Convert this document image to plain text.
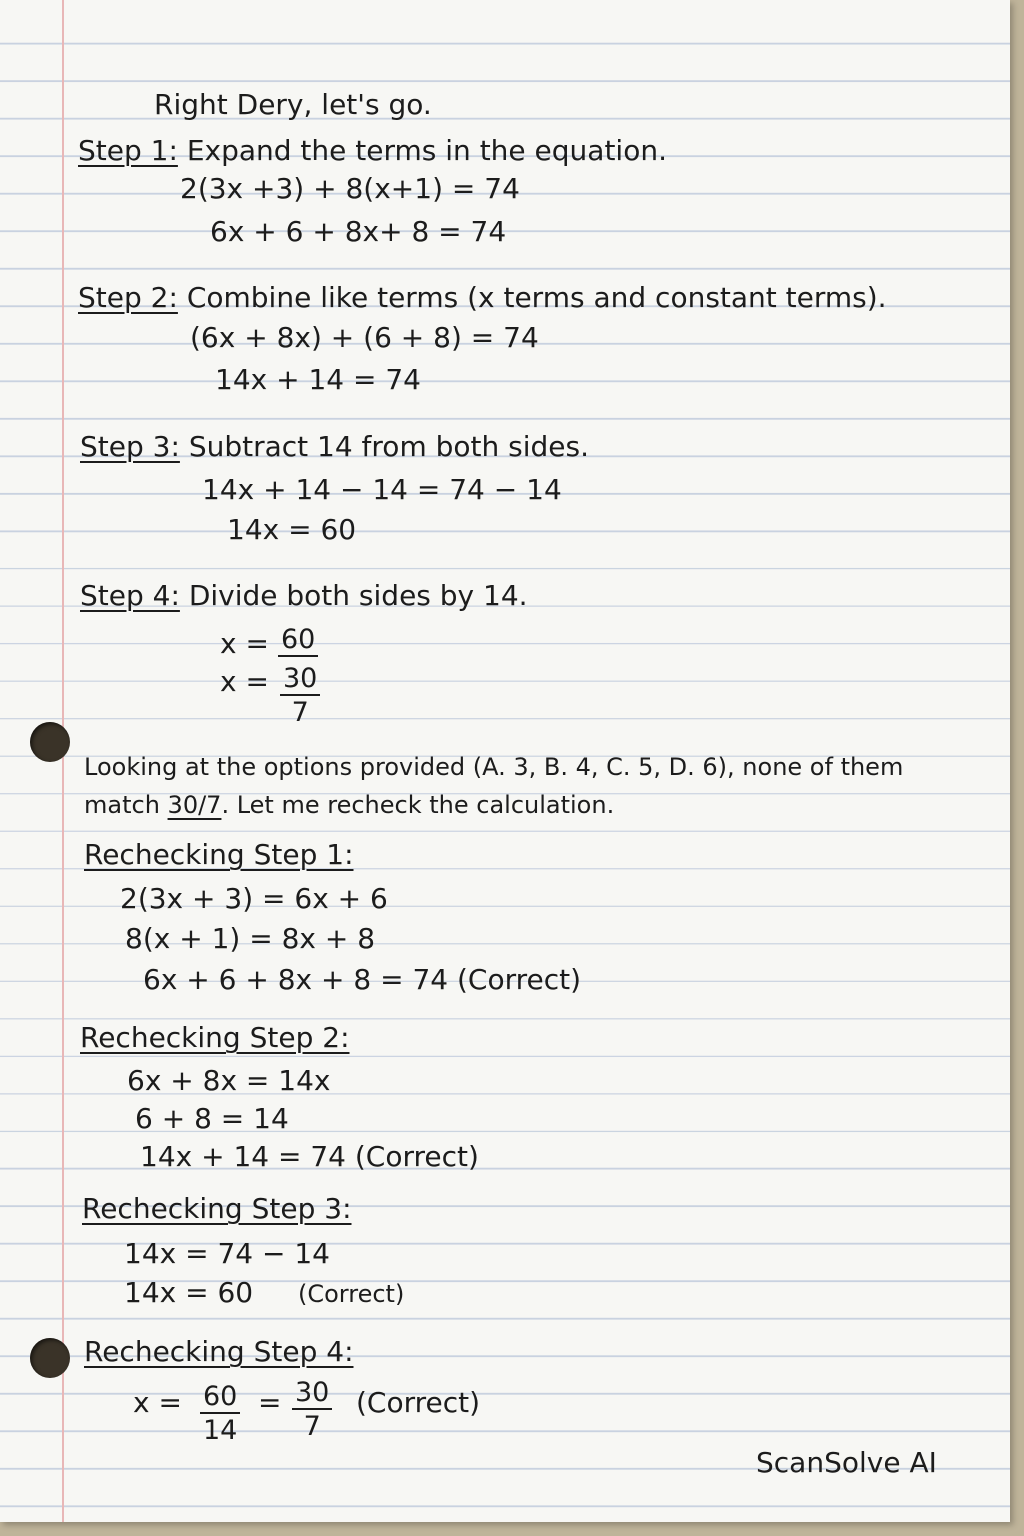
Right Dery, let's go.
Step 1: Expand the terms in the equation.
2(3x +3) + 8(x+1) = 74
6x + 6 + 8x+ 8 = 74
Step 2: Combine like terms (x terms and constant terms).
(6x + 8x) + (6 + 8) = 74
14x + 14 = 74
Step 3: Subtract 14 from both sides.
14x + 14 − 14 = 74 − 14
14x = 60
Step 4: Divide both sides by 14.
x = 60
$x = \frac{30}{7}$
Looking at the options provided (A. 3, B. 4, C. 5, D. 6), none of them
match 30/7. Let me recheck the calculation.
Rechecking Step 1:
2(3x + 3) = 6x + 6
8(x + 1) = 8x + 8
6x + 6 + 8x + 8 = 74 (Correct)
Rechecking Step 2:
6x + 8x = 14x
6 + 8 = 14
14x + 14 = 74 (Correct)
Rechecking Step 3:
14x = 74 − 14
14x = 60 (Correct)
Rechecking Step 4:
$x = \frac{60}{14} = \frac{30}{7}$ (Correct)
ScanSolve AI
